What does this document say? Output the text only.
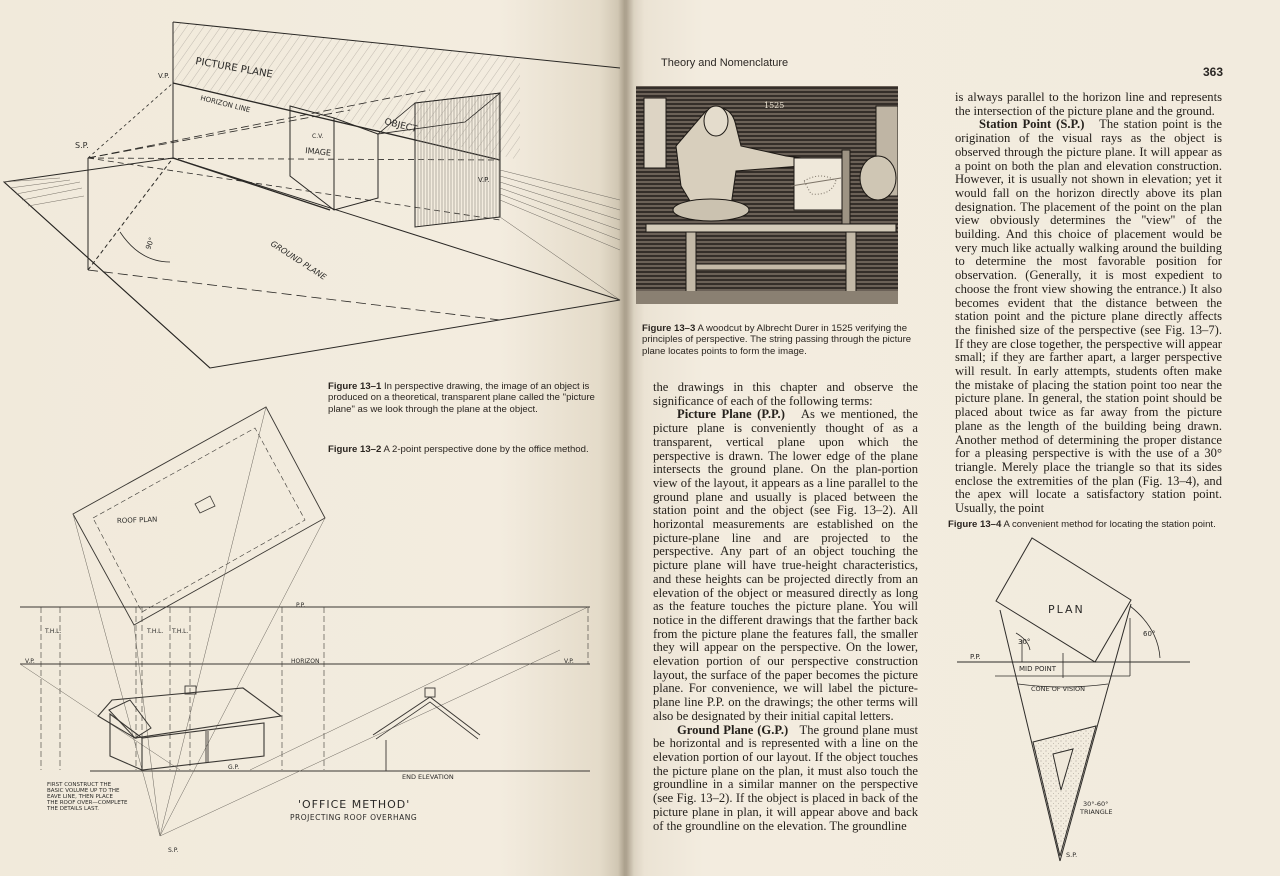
PICTURE PLANE
V.P.
HORIZON LINE
S.P.
C.V.
IMAGE
OBJECT
V.P.
GROUND PLANE
90°
ROOF PLAN
P.P.
T.H.L.	T.H.L. T.H.L.
V.P.	HORIZON	V.P.
G.P.
END ELEVATION
S.P.
'OFFICE METHOD'
PROJECTING ROOF OVERHANG
FIRST CONSTRUCT THE
BASIC VOLUME UP TO THE
EAVE LINE, THEN PLACE
THE ROOF OVER—COMPLETE
THE DETAILS LAST.
PLAN
30°
60°
P.P.
MID POINT
CONE OF VISION
30°-60°
TRIANGLE
S.P.
Figure 13–1 In perspective drawing, the image of an object is produced on a theoretical, transparent plane called the "picture plane" as we look through the plane at the object.
Figure 13–2 A 2-point perspective done by the office method.
Theory and Nomenclature
363
1525
Figure 13–3 A woodcut by Albrecht Durer in 1525 verifying the principles of perspective. The string passing through the picture plane locates points to form the image.

the drawings in this chapter and observe the significance of each of the following terms:

Picture Plane (P.P.) As we mentioned, the picture plane is conveniently thought of as a transparent, vertical plane upon which the perspective is drawn. The lower edge of the plane intersects the ground plane. On the plan-portion view of the layout, it appears as a line parallel to the ground plane and usually is placed between the station point and the object (see Fig. 13–2). All horizontal measurements are established on the picture-plane line and are projected to the perspective. Any part of an object touching the picture plane will have true-height characteristics, and these heights can be projected directly from an elevation of the object or measured directly as long as the feature touches the picture plane. You will notice in the different drawings that the farther back from the picture plane the features fall, the smaller they will appear on the perspective. On the lower, elevation portion of our perspective construction layout, the surface of the paper becomes the picture plane. For convenience, we will label the picture-plane line P.P. on the drawings; the other terms will also be designated by their initial capital letters.

Ground Plane (G.P.) The ground plane must be horizontal and is represented with a line on the elevation portion of our layout. If the object touches the picture plane on the plan, it must also touch the groundline in a similar manner on the perspective (see Fig. 13–2). If the object is placed in back of the picture plane in plan, it will appear above and back of the groundline on the elevation. The groundline

is always parallel to the horizon line and represents the intersection of the picture plane and the ground.

Station Point (S.P.) The station point is the origination of the visual rays as the object is observed through the picture plane. It will appear as a point on both the plan and elevation construction. However, it is usually not shown in elevation; yet it would fall on the horizon directly above its plan designation. The placement of the point on the plan view obviously determines the ''view'' of the building. And this choice of placement would be very much like actually walking around the building to determine the most favorable position for observation. (Generally, it is most expedient to choose the front view showing the entrance.) It also becomes evident that the distance between the station point and the picture plane directly affects the finished size of the perspective (see Fig. 13–7). If they are close together, the perspective will appear small; if they are farther apart, a larger perspective will result. In early attempts, students often make the mistake of placing the station point too near the picture plane. In general, the station point should be placed about twice as far away from the picture plane as the length of the building being drawn. Another method of determining the proper distance for a pleasing perspective is with the use of a 30° triangle. Merely place the triangle so that its sides enclose the extremities of the plan (Fig. 13–4), and the apex will locate a satisfactory station point. Usually, the point

Figure 13–4 A convenient method for locating the station point.
